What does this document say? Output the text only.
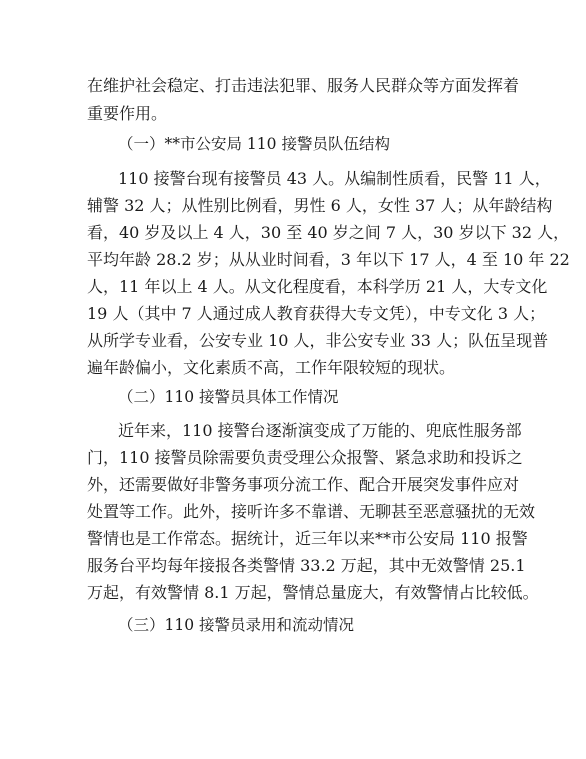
在维护社会稳定、打击违法犯罪、服务人民群众等方面发挥着
重要作用。
（一）**市公安局 110 接警员队伍结构
110 接警台现有接警员 43 人。从编制性质看，民警 11 人，
辅警 32 人；从性别比例看，男性 6 人，女性 37 人；从年龄结构
看，40 岁及以上 4 人，30 至 40 岁之间 7 人，30 岁以下 32 人，
平均年龄 28.2 岁；从从业时间看，3 年以下 17 人，4 至 10 年 22
人，11 年以上 4 人。从文化程度看，本科学历 21 人，大专文化
19 人（其中 7 人通过成人教育获得大专文凭），中专文化 3 人；
从所学专业看，公安专业 10 人，非公安专业 33 人；队伍呈现普
遍年龄偏小，文化素质不高，工作年限较短的现状。
（二）110 接警员具体工作情况
近年来，110 接警台逐渐演变成了万能的、兜底性服务部
门，110 接警员除需要负责受理公众报警、紧急求助和投诉之
外，还需要做好非警务事项分流工作、配合开展突发事件应对
处置等工作。此外，接听许多不靠谱、无聊甚至恶意骚扰的无效
警情也是工作常态。据统计，近三年以来**市公安局 110 报警
服务台平均每年接报各类警情 33.2 万起，其中无效警情 25.1
万起，有效警情 8.1 万起，警情总量庞大，有效警情占比较低。
（三）110 接警员录用和流动情况
